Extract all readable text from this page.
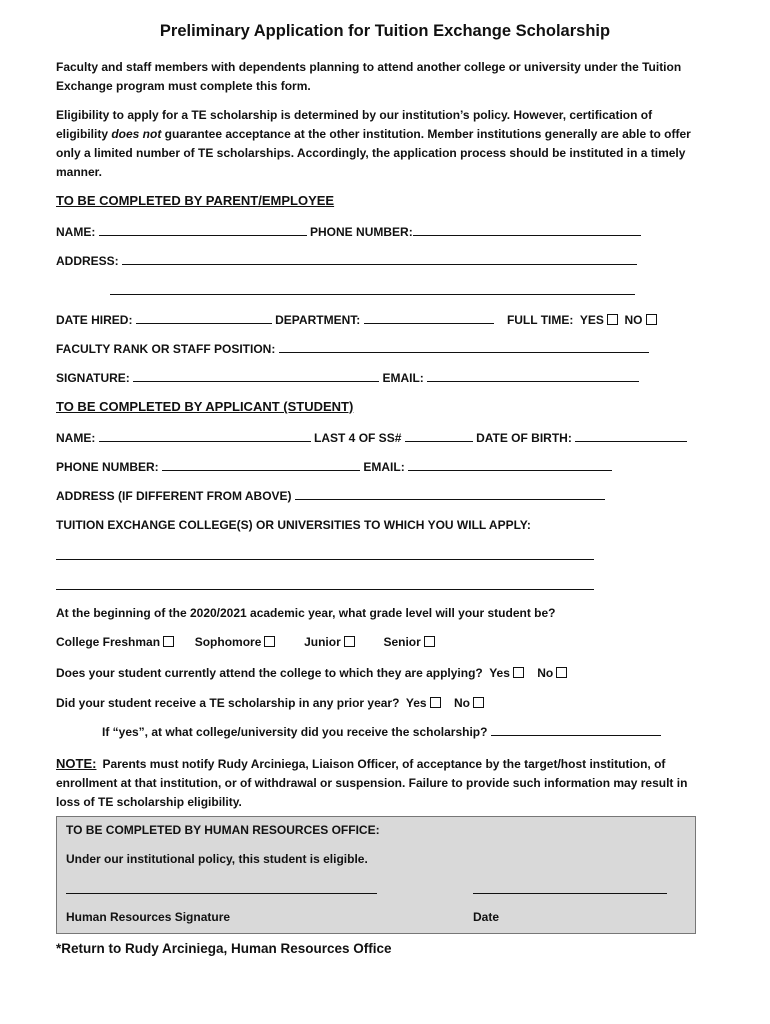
Preliminary Application for Tuition Exchange Scholarship
Faculty and staff members with dependents planning to attend another college or university under the Tuition Exchange program must complete this form.
Eligibility to apply for a TE scholarship is determined by our institution’s policy. However, certification of eligibility does not guarantee acceptance at the other institution. Member institutions generally are able to offer only a limited number of TE scholarships. Accordingly, the application process should be instituted in a timely manner.
TO BE COMPLETED BY PARENT/EMPLOYEE
NAME:	PHONE NUMBER:
ADDRESS:
DATE HIRED:	DEPARTMENT:	FULL TIME: YES NO
FACULTY RANK OR STAFF POSITION:
SIGNATURE:	EMAIL:
TO BE COMPLETED BY APPLICANT (STUDENT)
NAME:	LAST 4 OF SS#	DATE OF BIRTH:
PHONE NUMBER:	EMAIL:
ADDRESS (IF DIFFERENT FROM ABOVE)
TUITION EXCHANGE COLLEGE(S) OR UNIVERSITIES TO WHICH YOU WILL APPLY:
At the beginning of the 2020/2021 academic year, what grade level will your student be?
College Freshman	Sophomore	Junior	Senior
Does your student currently attend the college to which they are applying? Yes No
Did your student receive a TE scholarship in any prior year? Yes No
If “yes”, at what college/university did you receive the scholarship?
NOTE: Parents must notify Rudy Arciniega, Liaison Officer, of acceptance by the target/host institution, of enrollment at that institution, or of withdrawal or suspension. Failure to provide such information may result in loss of TE scholarship eligibility.
TO BE COMPLETED BY HUMAN RESOURCES OFFICE:
Under our institutional policy, this student is eligible.
Human Resources Signature	Date
*Return to Rudy Arciniega, Human Resources Office
